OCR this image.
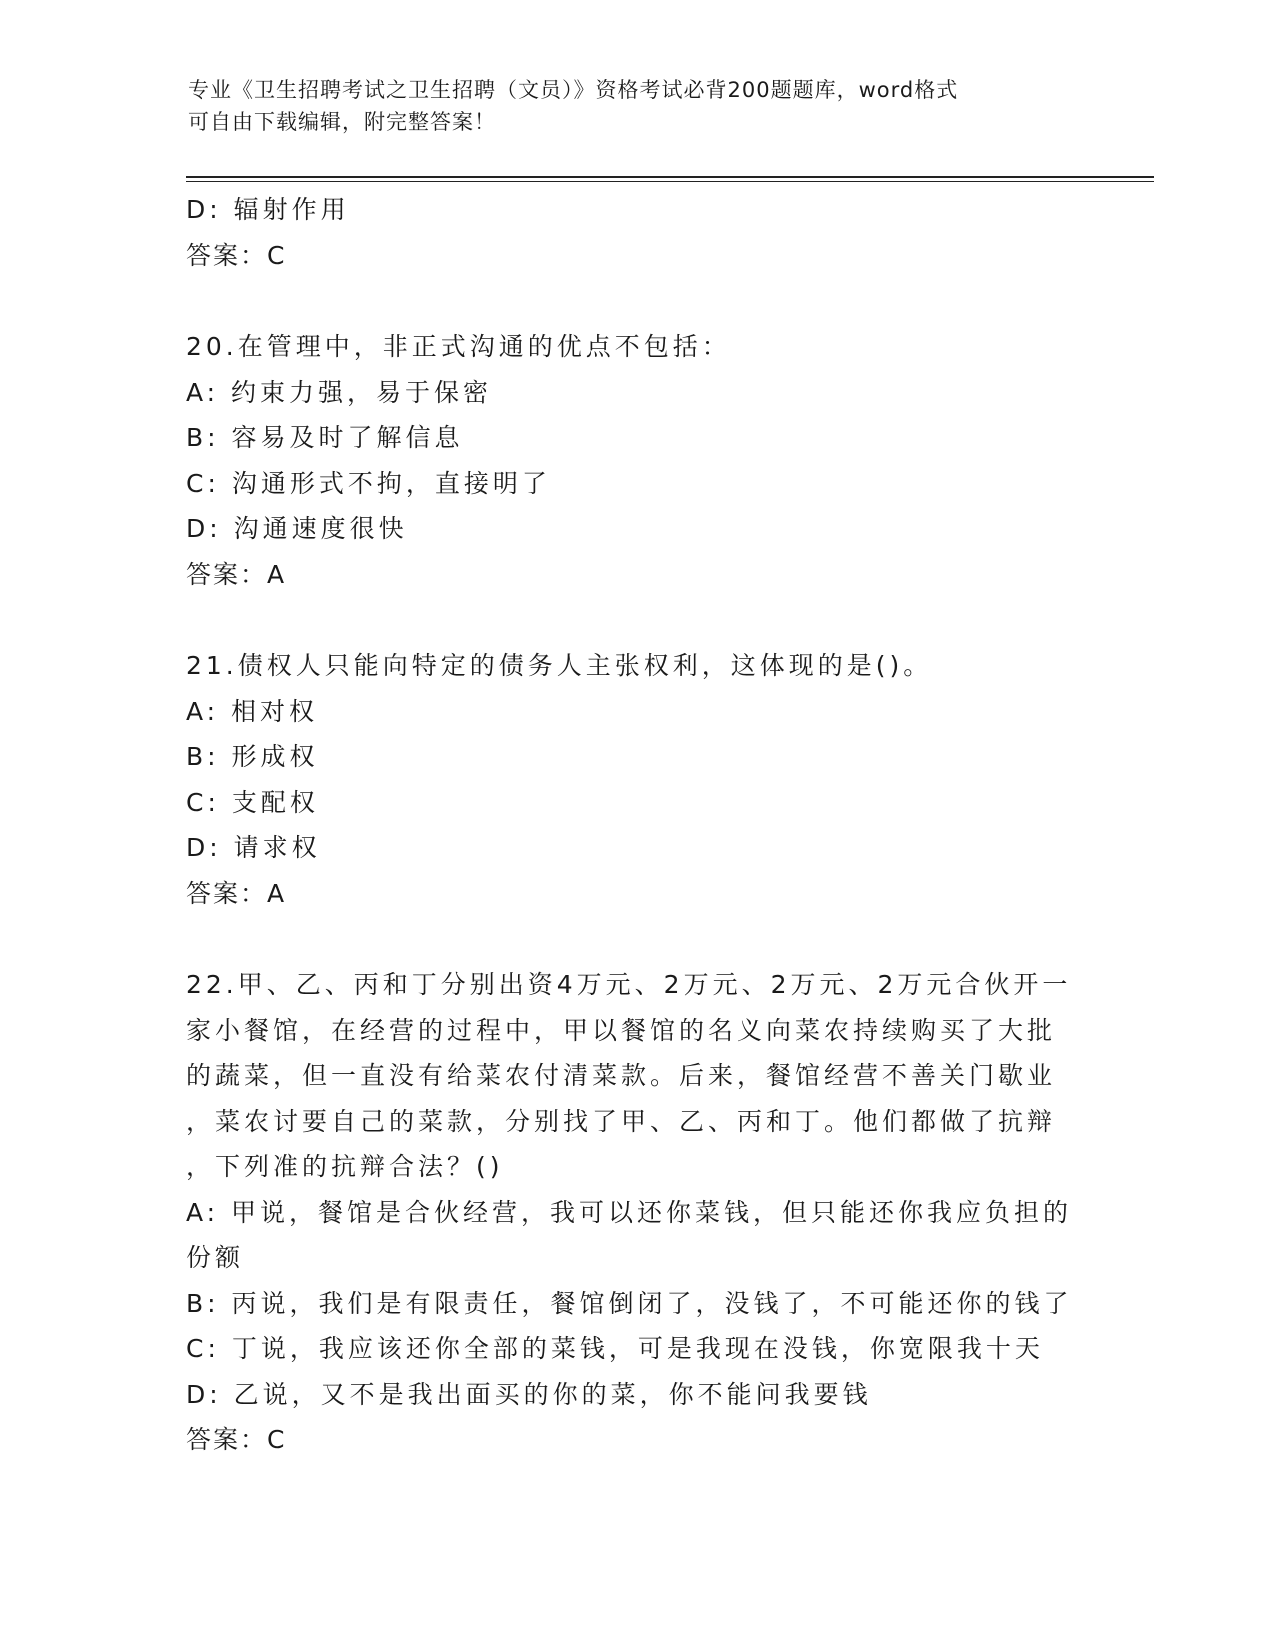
专业《卫生招聘考试之卫生招聘（文员）》资格考试必背200题题库，word格式
可自由下载编辑，附完整答案！
D: 辐射作用
答案：C
20.在管理中，非正式沟通的优点不包括：
A: 约束力强，易于保密
B: 容易及时了解信息
C: 沟通形式不拘，直接明了
D: 沟通速度很快
答案：A
21.债权人只能向特定的债务人主张权利，这体现的是()。
A: 相对权
B: 形成权
C: 支配权
D: 请求权
答案：A
22.甲、乙、丙和丁分别出资4万元、2万元、2万元、2万元合伙开一
家小餐馆，在经营的过程中，甲以餐馆的名义向菜农持续购买了大批
的蔬菜，但一直没有给菜农付清菜款。后来，餐馆经营不善关门歇业
，菜农讨要自己的菜款，分别找了甲、乙、丙和丁。他们都做了抗辩
，下列准的抗辩合法？()
A: 甲说，餐馆是合伙经营，我可以还你菜钱，但只能还你我应负担的
份额
B: 丙说，我们是有限责任，餐馆倒闭了，没钱了，不可能还你的钱了
C: 丁说，我应该还你全部的菜钱，可是我现在没钱，你宽限我十天
D: 乙说，又不是我出面买的你的菜，你不能问我要钱
答案：C
